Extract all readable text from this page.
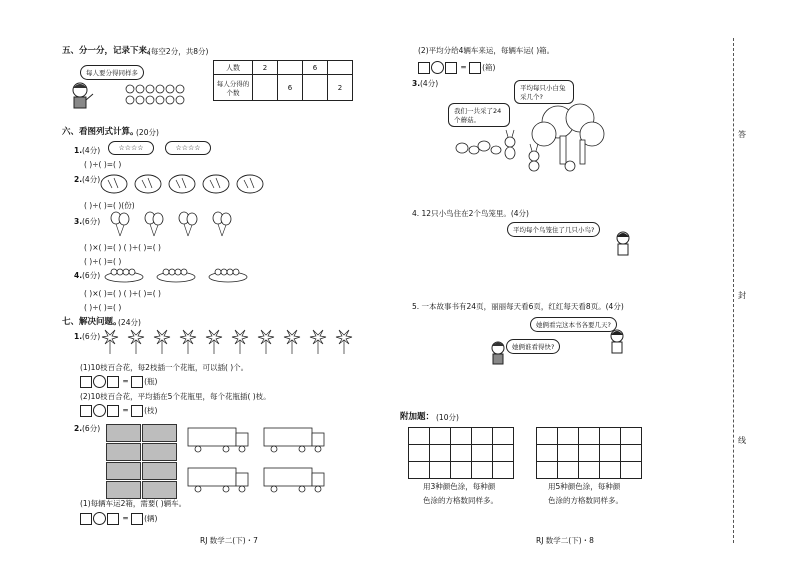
五、分一分，记录下来。
(每空2分，共8分)
每人要分得同样多
人数	2		6	
每人分得的个数		6		2
六、看图列式计算。
(20分)
1. (4分)	☆☆☆☆	☆☆☆☆
( )÷( )=( )
2. (4分)
( )÷( )=( )(份)
3. (6分)
( )×( )=( ) ( )÷( )=( )
( )÷( )=( )
4. (6分)
( )×( )=( ) ( )÷( )=( )
( )÷( )=( )
七、解决问题。
(24分)
1. (6分)
(1)10枝百合花，每2枝插一个花瓶，可以插( )个。
= (瓶)
(2)10枝百合花，平均插在5个花瓶里，每个花瓶插( )枝。
= (枝)
2. (6分)
(1)每辆车运2箱，需要( )辆车。
= (辆)
RJ 数学二(下)・7
(2)平均分给4辆车来运，每辆车运( )箱。
= (箱)
3. (4分)	平均每只小白兔采几个?
我们一共采了24个蘑菇。
4. 12只小鸟住在2个鸟笼里。(4分)
平均每个鸟笼住了几只小鸟?
5. 一本故事书有24页，丽丽每天看6页，红红每天看8页。(4分)
她俩看完这本书各要几天?
她俩谁看得快?
附加题： (10分)

用3种颜色涂，每种颜
色涂的方格数同样多。
用5种颜色涂，每种颜
色涂的方格数同样多。
RJ 数学二(下)・8
答
封
线
